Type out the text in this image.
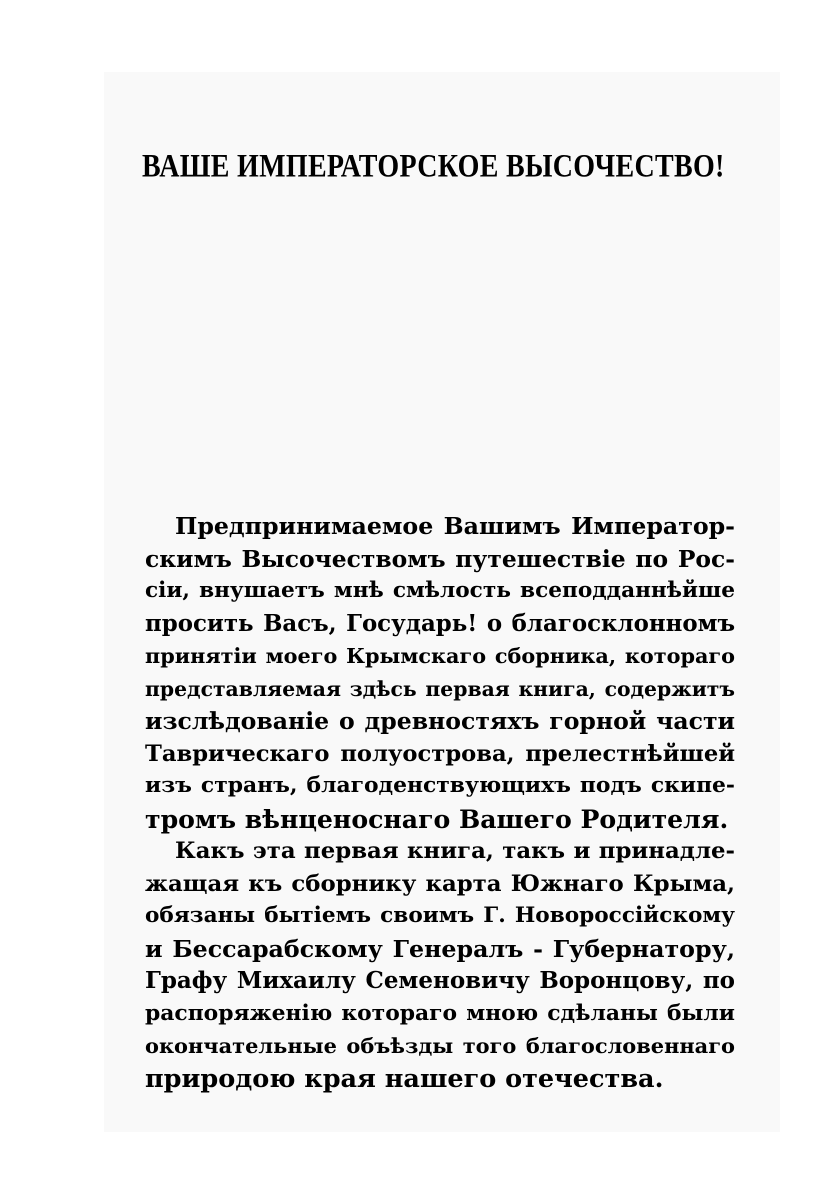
ВАШЕ ИМПЕРАТОРСКОЕ ВЫСОЧЕСТВО!
Предпринимаемое Вашимъ Император-
скимъ Высочествомъ путешествіе по Рос-
сіи, внушаетъ мнѣ смѣлость всеподданнѣйше
просить Васъ, Государь! о благосклонномъ
принятіи моего Крымскаго сборника, котораго
представляемая здѣсь первая книга, содержитъ
изслѣдованіе о древностяхъ горной части
Таврическаго полуострова, прелестнѣйшей
изъ странъ, благоденствующихъ подъ скипе-
тромъ вѣнценоснаго Вашего Родителя.
Какъ эта первая книга, такъ и принадле-
жащая къ сборнику карта Южнаго Крыма,
обязаны бытіемъ своимъ Г. Новороссійскому
и Бессарабскому Генералъ - Губернатору,
Графу Михаилу Семеновичу Воронцову, по
распоряженію котораго мною сдѣланы были
окончательные объѣзды того благословеннаго
природою края нашего отечества.
